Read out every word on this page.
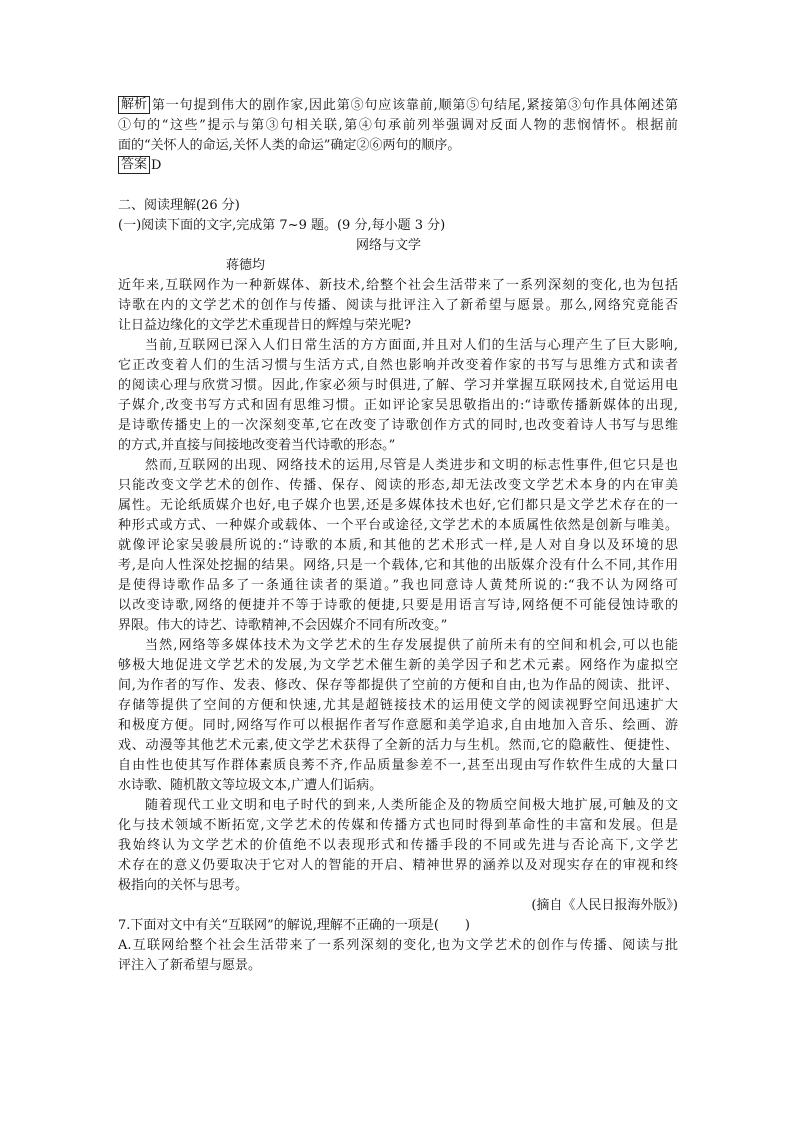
解析 第一句提到伟大的剧作家,因此第⑤句应该靠前,顺第⑤句结尾,紧接第③句作具体阐述第
①句的“这些”提示与第③句相关联,第④句承前列举强调对反面人物的悲悯情怀。根据前
面的“关怀人的命运,关怀人类的命运”确定②⑥两句的顺序。
答案 D
二、阅读理解(26 分)
(一)阅读下面的文字,完成第 7~9 题。(9 分,每小题 3 分)
网络与文学
蒋德均
近年来,互联网作为一种新媒体、新技术,给整个社会生活带来了一系列深刻的变化,也为包括
诗歌在内的文学艺术的创作与传播、阅读与批评注入了新希望与愿景。那么,网络究竟能否
让日益边缘化的文学艺术重现昔日的辉煌与荣光呢?
当前,互联网已深入人们日常生活的方方面面,并且对人们的生活与心理产生了巨大影响,
它正改变着人们的生活习惯与生活方式,自然也影响并改变着作家的书写与思维方式和读者
的阅读心理与欣赏习惯。因此,作家必须与时俱进,了解、学习并掌握互联网技术,自觉运用电
子媒介,改变书写方式和固有思维习惯。正如评论家吴思敬指出的:“诗歌传播新媒体的出现,
是诗歌传播史上的一次深刻变革,它在改变了诗歌创作方式的同时,也改变着诗人书写与思维
的方式,并直接与间接地改变着当代诗歌的形态。”
然而,互联网的出现、网络技术的运用,尽管是人类进步和文明的标志性事件,但它只是也
只能改变文学艺术的创作、传播、保存、阅读的形态,却无法改变文学艺术本身的内在审美
属性。无论纸质媒介也好,电子媒介也罢,还是多媒体技术也好,它们都只是文学艺术存在的一
种形式或方式、一种媒介或载体、一个平台或途径,文学艺术的本质属性依然是创新与唯美。
就像评论家吴骏晨所说的:“诗歌的本质,和其他的艺术形式一样,是人对自身以及环境的思
考,是向人性深处挖掘的结果。网络,只是一个载体,它和其他的出版媒介没有什么不同,其作用
是使得诗歌作品多了一条通往读者的渠道。”我也同意诗人黄梵所说的:“我不认为网络可
以改变诗歌,网络的便捷并不等于诗歌的便捷,只要是用语言写诗,网络便不可能侵蚀诗歌的
界限。伟大的诗艺、诗歌精神,不会因媒介不同有所改变。”
当然,网络等多媒体技术为文学艺术的生存发展提供了前所未有的空间和机会,可以也能
够极大地促进文学艺术的发展,为文学艺术催生新的美学因子和艺术元素。网络作为虚拟空
间,为作者的写作、发表、修改、保存等都提供了空前的方便和自由,也为作品的阅读、批评、
存储等提供了空间的方便和快速,尤其是超链接技术的运用使文学的阅读视野空间迅速扩大
和极度方便。同时,网络写作可以根据作者写作意愿和美学追求,自由地加入音乐、绘画、游
戏、动漫等其他艺术元素,使文学艺术获得了全新的活力与生机。然而,它的隐蔽性、便捷性、
自由性也使其写作群体素质良莠不齐,作品质量参差不一,甚至出现由写作软件生成的大量口
水诗歌、随机散文等垃圾文本,广遭人们诟病。
随着现代工业文明和电子时代的到来,人类所能企及的物质空间极大地扩展,可触及的文
化与技术领域不断拓宽,文学艺术的传媒和传播方式也同时得到革命性的丰富和发展。但是
我始终认为文学艺术的价值绝不以表现形式和传播手段的不同或先进与否论高下,文学艺
术存在的意义仍要取决于它对人的智能的开启、精神世界的涵养以及对现实存在的审视和终
极指向的关怀与思考。
(摘自《人民日报海外版》)
7.下面对文中有关“互联网”的解说,理解不正确的一项是(　　)
A.互联网给整个社会生活带来了一系列深刻的变化,也为文学艺术的创作与传播、阅读与批
评注入了新希望与愿景。
